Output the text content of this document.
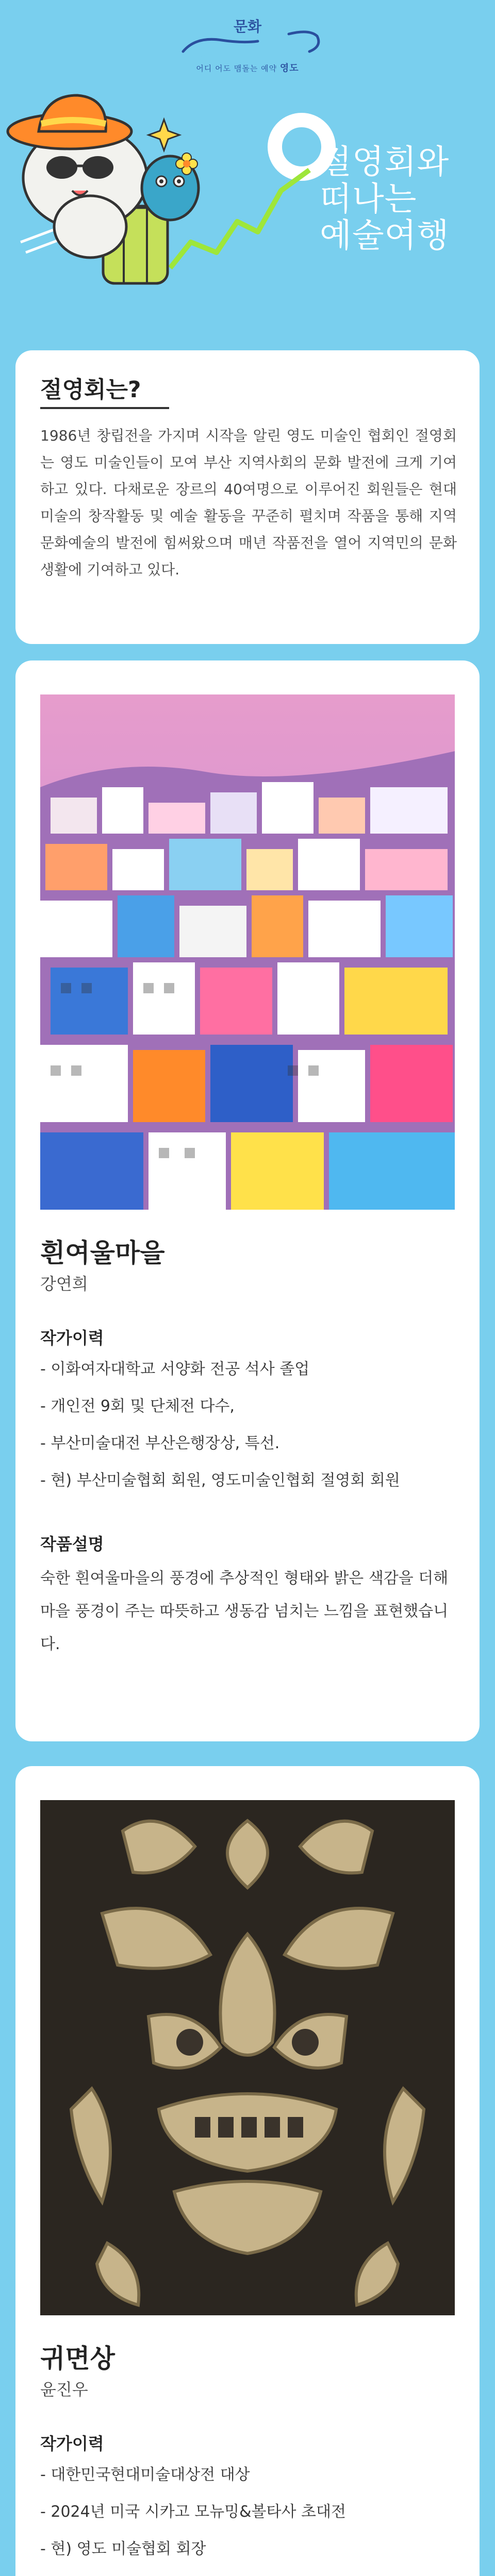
문화
어디 어도 맴돌는 예약 영도
절영회와
떠나는
예술여행
절영회는?

1986년 창립전을 가지며 시작을 알린 영도 미술인 협회인 절영회는 영도 미술인들이 모여 부산 지역사회의 문화 발전에 크게 기여하고 있다. 다채로운 장르의 40여명으로 이루어진 회원들은 현대미술의 창작활동 및 예술 활동을 꾸준히 펼치며 작품을 통해 지역 문화예술의 발전에 힘써왔으며 매년 작품전을 열어 지역민의 문화생활에 기여하고 있다.

흰여울마을
강연희
작가이력
- 이화여자대학교 서양화 전공 석사 졸업
- 개인전 9회 및 단체전 다수,
- 부산미술대전 부산은행장상, 특선.
- 현) 부산미술협회 회원, 영도미술인협회 절영회 회원
작품설명

숙한 흰여울마을의 풍경에 추상적인 형태와 밝은 색감을 더해 마을 풍경이 주는 따뜻하고 생동감 넘치는 느낌을 표현했습니다.

귀면상
윤진우
작가이력
- 대한민국현대미술대상전 대상
- 2024년 미국 시카고 모뉴밍&볼타사 초대전
- 현) 영도 미술협회 회장
